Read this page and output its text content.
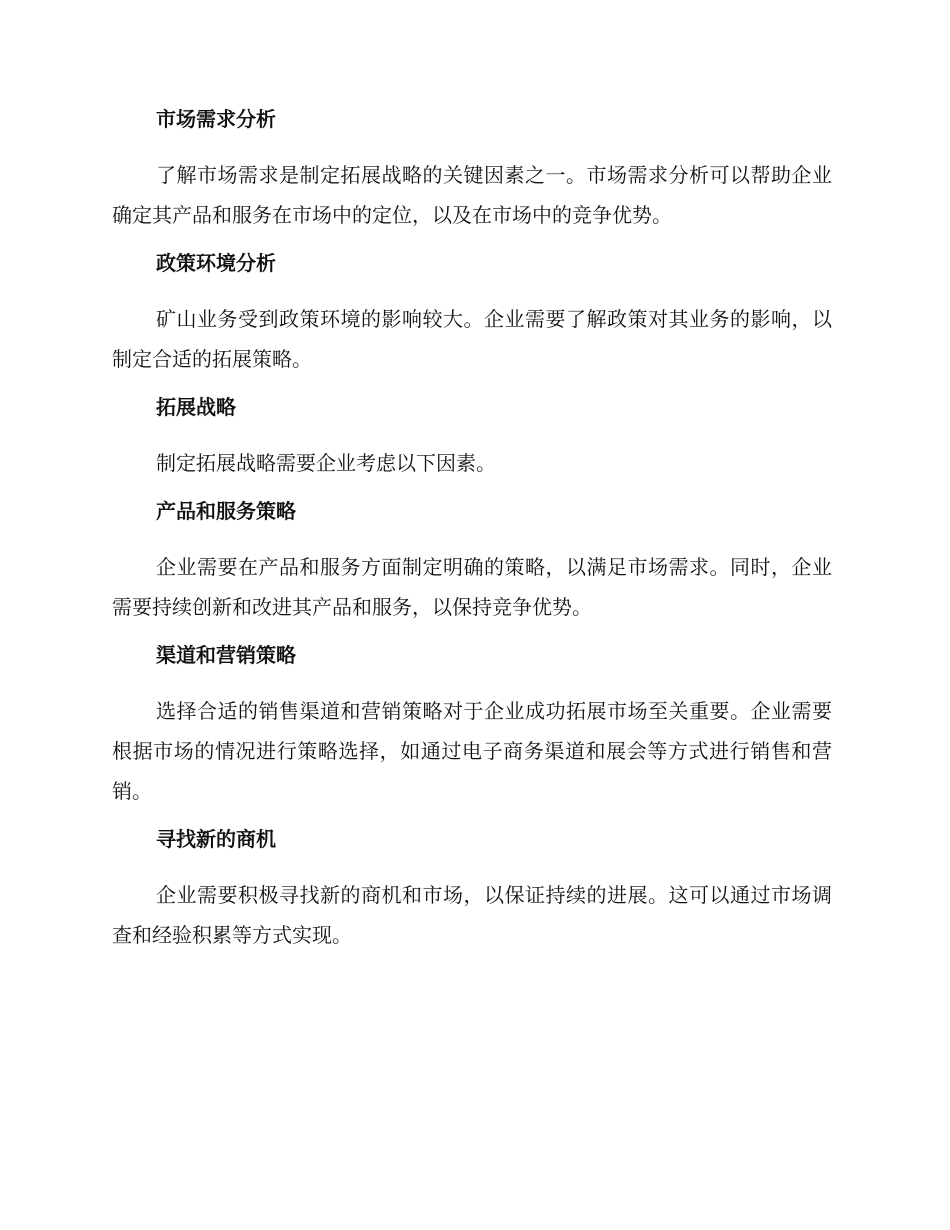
市场需求分析

了解市场需求是制定拓展战略的关键因素之一。市场需求分析可以帮助企业确定其产品和服务在市场中的定位，以及在市场中的竞争优势。

政策环境分析

矿山业务受到政策环境的影响较大。企业需要了解政策对其业务的影响，以制定合适的拓展策略。

拓展战略

制定拓展战略需要企业考虑以下因素。

产品和服务策略

企业需要在产品和服务方面制定明确的策略，以满足市场需求。同时，企业需要持续创新和改进其产品和服务，以保持竞争优势。

渠道和营销策略

选择合适的销售渠道和营销策略对于企业成功拓展市场至关重要。企业需要根据市场的情况进行策略选择，如通过电子商务渠道和展会等方式进行销售和营销。

寻找新的商机

企业需要积极寻找新的商机和市场，以保证持续的进展。这可以通过市场调查和经验积累等方式实现。
